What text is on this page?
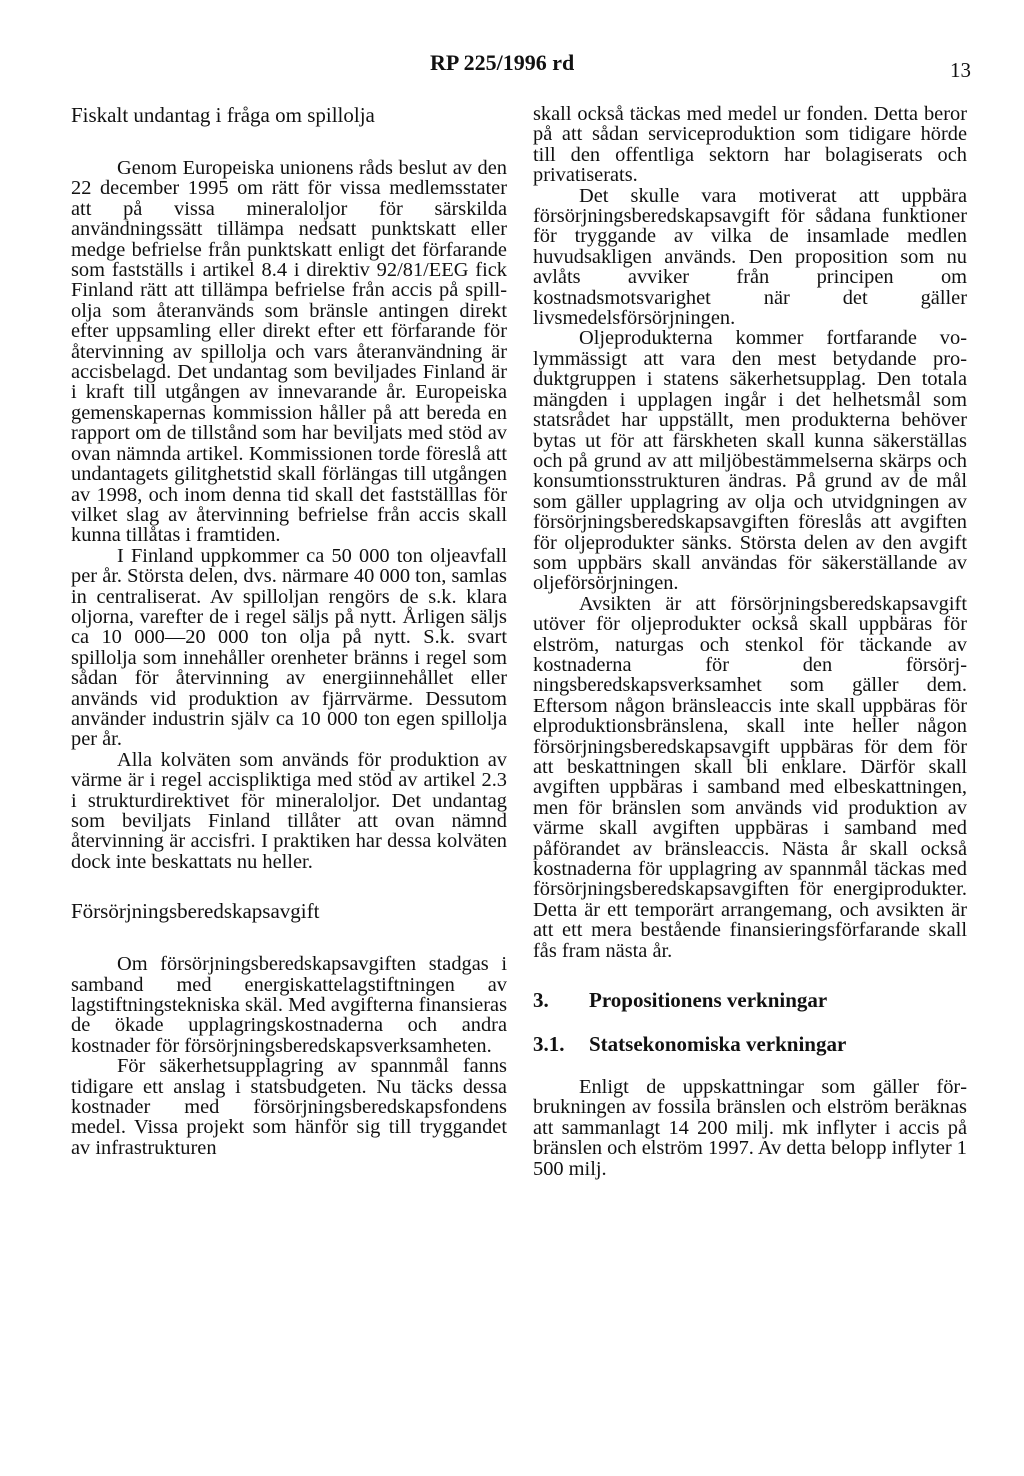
RP 225/1996 rd	13
Fiskalt undantag i fråga om spillolja

Genom Europeiska unionens råds beslut av den 22 december 1995 om rätt för vissa medlemsstater att på vissa mineraloljor för särskilda användningssätt tillämpa nedsatt punktskatt eller medge befrielse från punktskatt enligt det förfarande som fastställs i artikel 8.4 i direktiv 92/81/EEG fick Finland rätt att tillämpa befrielse från accis på spillolja som återanvänds som bränsle antingen direkt efter uppsamling eller direkt efter ett förfarande för återvinning av spillolja och vars återanvändning är accisbelagd. Det undantag som beviljades Finland är i kraft till utgången av innevarande år. Europeiska gemenskapernas kommission håller på att bereda en rapport om de tillstånd som har beviljats med stöd av ovan nämnda artikel. Kommissionen torde föreslå att undantagets gilitghetstid skall förlängas till utgången av 1998, och inom denna tid skall det fastställlas för vilket slag av återvinning befrielse från accis skall kunna tillåtas i framtiden.

I Finland uppkommer ca 50 000 ton oljeavfall per år. Största delen, dvs. närmare 40 000 ton, samlas in centraliserat. Av spilloljan rengörs de s.k. klara oljorna, varefter de i regel säljs på nytt. Årligen säljs ca 10 000—20 000 ton olja på nytt. S.k. svart spillolja som innehåller orenheter bränns i regel som sådan för återvinning av energiinnehållet eller används vid produktion av fjärrvärme. Dessutom använder industrin själv ca 10 000 ton egen spillolja per år.

Alla kolväten som används för produktion av värme är i regel accispliktiga med stöd av artikel 2.3 i strukturdirektivet för mineraloljor. Det undantag som beviljats Finland tillåter att ovan nämnd återvinning är accisfri. I praktiken har dessa kolväten dock inte beskattats nu heller.

Försörjningsberedskapsavgift

Om försörjningsberedskapsavgiften stadgas i samband med energiskattelagstiftningen av lagstiftningstekniska skäl. Med avgifterna finansieras de ökade upplagringskostnaderna och andra kostnader för försörjningsberedskapsverksamheten.

För säkerhetsupplagring av spannmål fanns tidigare ett anslag i statsbudgeten. Nu täcks dessa kostnader med försörjningsberedskapsfondens medel. Vissa projekt som hänför sig till tryggandet av infrastrukturen

skall också täckas med medel ur fonden. Detta beror på att sådan serviceproduktion som tidigare hörde till den offentliga sektorn har bolagiserats och privatiserats.

Det skulle vara motiverat att uppbära försörjningsberedskapsavgift för sådana funktioner för tryggande av vilka de insamlade medlen huvudsakligen används. Den proposition som nu avlåts avviker från principen om kostnadsmotsvarighet när det gäller livsmedelsförsörjningen.

Oljeprodukterna kommer fortfarande volymmässigt att vara den mest betydande produktgruppen i statens säkerhetsupplag. Den totala mängden i upplagen ingår i det helhetsmål som statsrådet har uppställt, men produkterna behöver bytas ut för att färskheten skall kunna säkerställas och på grund av att miljöbestämmelserna skärps och konsumtionsstrukturen ändras. På grund av de mål som gäller upplagring av olja och utvidgningen av försörjningsberedskapsavgiften föreslås att avgiften för oljeprodukter sänks. Största delen av den avgift som uppbärs skall användas för säkerställande av oljeförsörjningen.

Avsikten är att försörjningsberedskapsavgift utöver för oljeprodukter också skall uppbäras för elström, naturgas och stenkol för täckande av kostnaderna för den försörjningsberedskapsverksamhet som gäller dem. Eftersom någon bränsleaccis inte skall uppbäras för elproduktionsbränslena, skall inte heller någon försörjningsberedskapsavgift uppbäras för dem för att beskattningen skall bli enklare. Därför skall avgiften uppbäras i samband med elbeskattningen, men för bränslen som används vid produktion av värme skall avgiften uppbäras i samband med påförandet av bränsleaccis. Nästa år skall också kostnaderna för upplagring av spannmål täckas med försörjningsberedskapsavgiften för energiprodukter. Detta är ett temporärt arrangemang, och avsikten är att ett mera bestående finansieringsförfarande skall fås fram nästa år.

3. Propositionens verkningar
3.1. Statsekonomiska verkningar

Enligt de uppskattningar som gäller förbrukningen av fossila bränslen och elström beräknas att sammanlagt 14 200 milj. mk inflyter i accis på bränslen och elström 1997. Av detta belopp inflyter 1 500 milj.
